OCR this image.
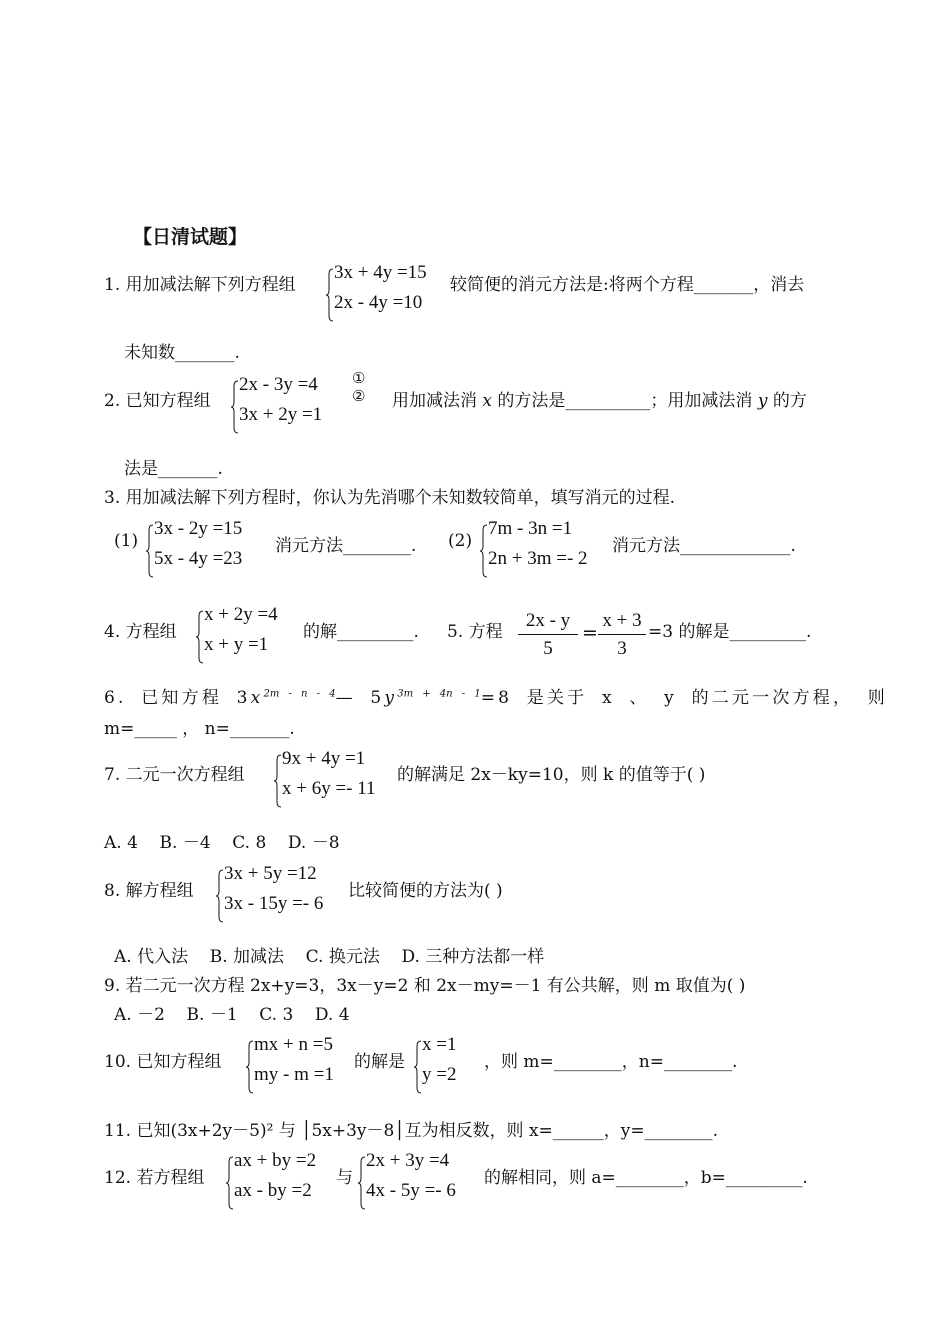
【日清试题】
1. 用加减法解下列方程组
3x + 4y =15
2x - 4y =10
较简便的消元方法是:将两个方程_______，消去
未知数_______.
2. 已知方程组
2x - 3y =4
3x + 2y =1
①
② 用加减法消 x 的方法是__________；用加减法消 y 的方
法是_______.
3. 用加减法解下列方程时，你认为先消哪个未知数较简单，填写消元的过程.
(1)
3x - 2y =15
5x - 4y =23
消元方法________. (2)
7m - 3n =1
2n + 3m =- 2
消元方法_____________.
4. 方程组
x + 2y =4
x + y =1
的解_________. 5. 方程 $\frac{2x - y}{5} = \frac{x + 3}{3} =3$ 的解是_________.
6. 已知方程 $3x^{2m - n - 4}—$ $5y^{3m + 4n - 1}=8$ 是关于 x 、 y 的二元一次方程， 则
m=_____ ， n=_______.
7. 二元一次方程组
9x + 4y =1
x + 6y =- 11
的解满足 2x－ky=10，则 k 的值等于( )
A. 4    B. －4    C. 8    D. －8
8. 解方程组
3x + 5y =12
3x - 15y =- 6
比较简便的方法为( )
A. 代入法    B. 加减法    C. 换元法    D. 三种方法都一样
9. 若二元一次方程 2x+y=3，3x－y=2 和 2x－my=－1 有公共解，则 m 取值为( )
A. －2    B. －1    C. 3    D. 4
10. 已知方程组
mx + n =5
my - m =1
的解是
x =1
y =2
，则 m=________，n=________.
11. 已知(3x+2y－5)² 与 │5x+3y－8│互为相反数，则 x=______，y=________.
12. 若方程组
ax + by =2
ax - by =2
与
2x + 3y =4
4x - 5y =- 6
的解相同，则 a=________，b=_________.
